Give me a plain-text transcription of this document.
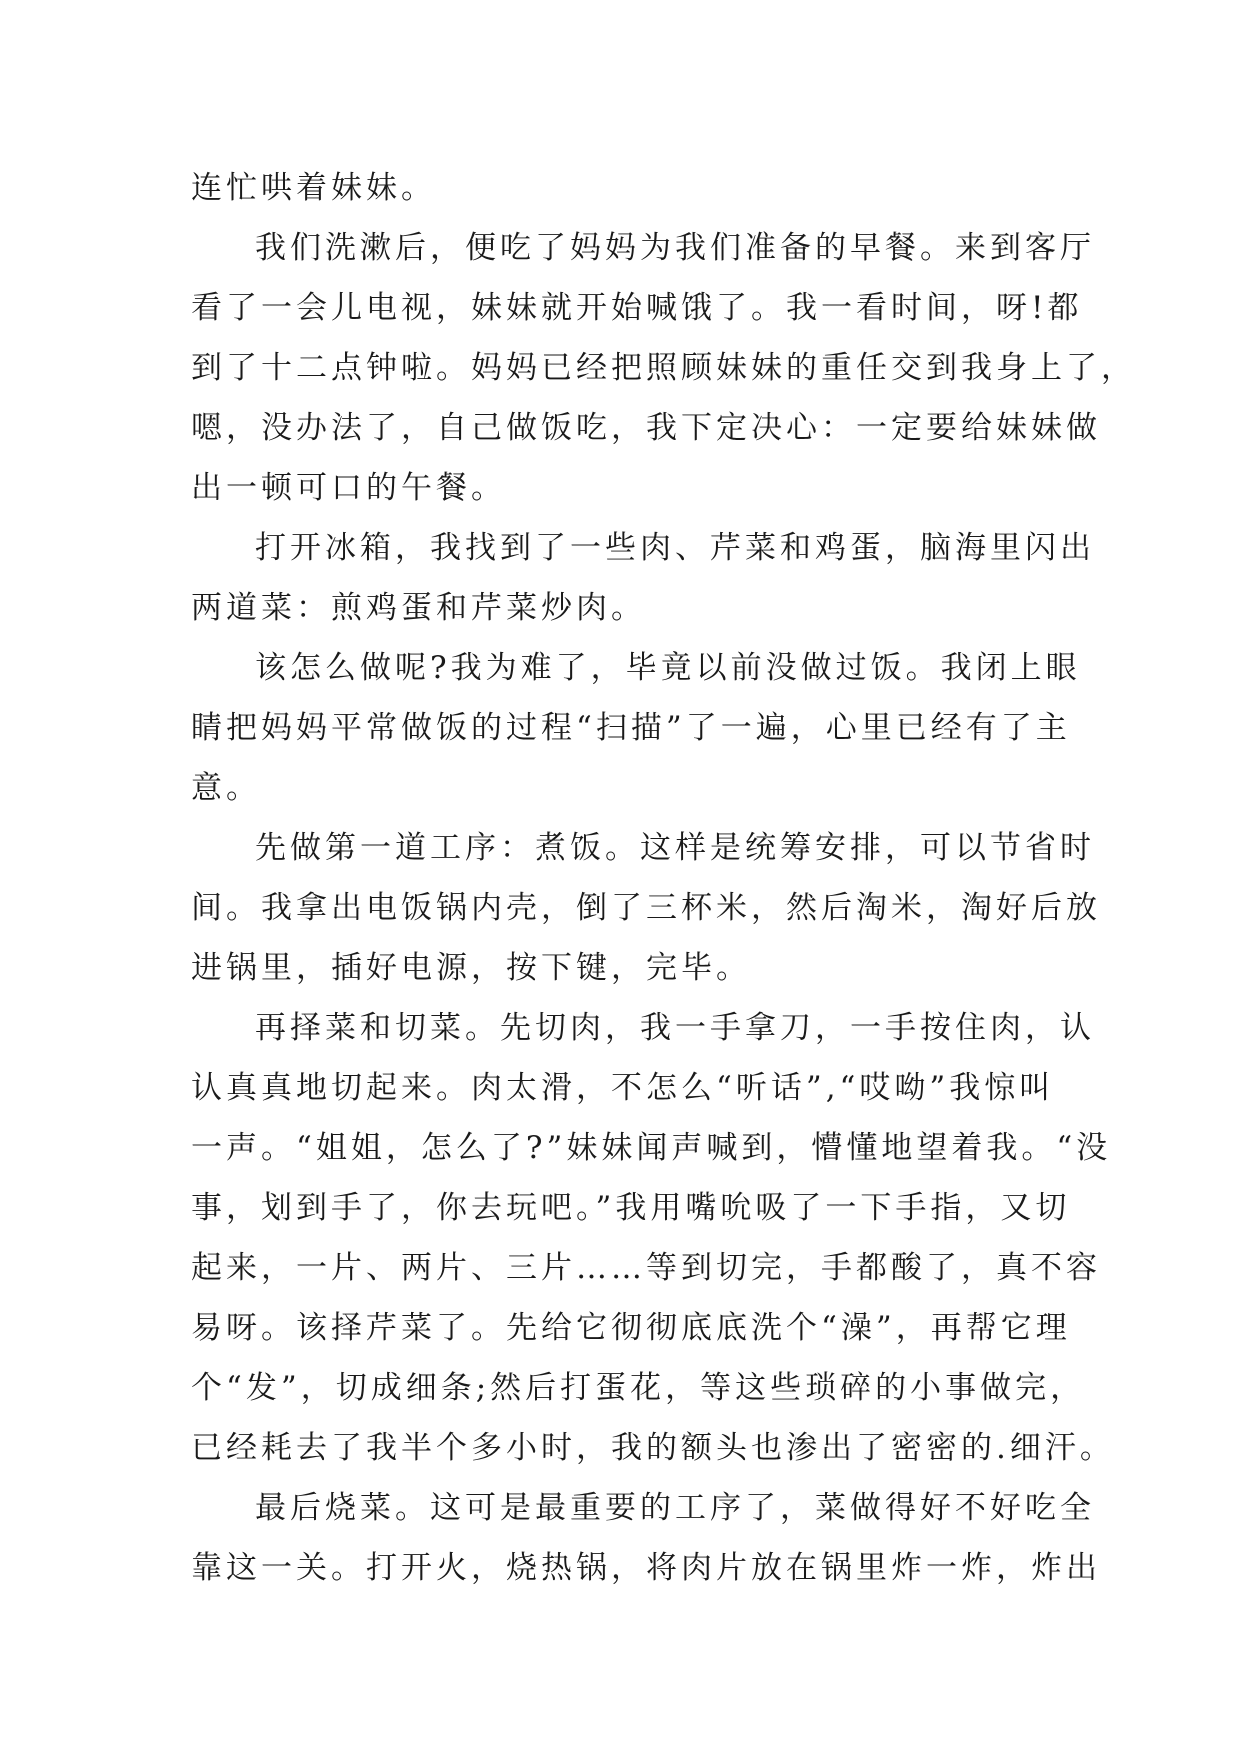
连忙哄着妹妹。
我们洗漱后，便吃了妈妈为我们准备的早餐。来到客厅
看了一会儿电视，妹妹就开始喊饿了。我一看时间，呀!都
到了十二点钟啦。妈妈已经把照顾妹妹的重任交到我身上了，
嗯，没办法了，自己做饭吃，我下定决心：一定要给妹妹做
出一顿可口的午餐。
打开冰箱，我找到了一些肉、芹菜和鸡蛋，脑海里闪出
两道菜：煎鸡蛋和芹菜炒肉。
该怎么做呢?我为难了，毕竟以前没做过饭。我闭上眼
睛把妈妈平常做饭的过程“扫描”了一遍，心里已经有了主
意。
先做第一道工序：煮饭。这样是统筹安排，可以节省时
间。我拿出电饭锅内壳，倒了三杯米，然后淘米，淘好后放
进锅里，插好电源，按下键，完毕。
再择菜和切菜。先切肉，我一手拿刀，一手按住肉，认
认真真地切起来。肉太滑，不怎么“听话”,“哎呦”我惊叫
一声。“姐姐，怎么了?”妹妹闻声喊到，懵懂地望着我。“没
事，划到手了，你去玩吧。”我用嘴吮吸了一下手指，又切
起来，一片、两片、三片……等到切完，手都酸了，真不容
易呀。该择芹菜了。先给它彻彻底底洗个“澡”，再帮它理
个“发”，切成细条;然后打蛋花，等这些琐碎的小事做完，
已经耗去了我半个多小时，我的额头也渗出了密密的.细汗。
最后烧菜。这可是最重要的工序了，菜做得好不好吃全
靠这一关。打开火，烧热锅，将肉片放在锅里炸一炸，炸出
